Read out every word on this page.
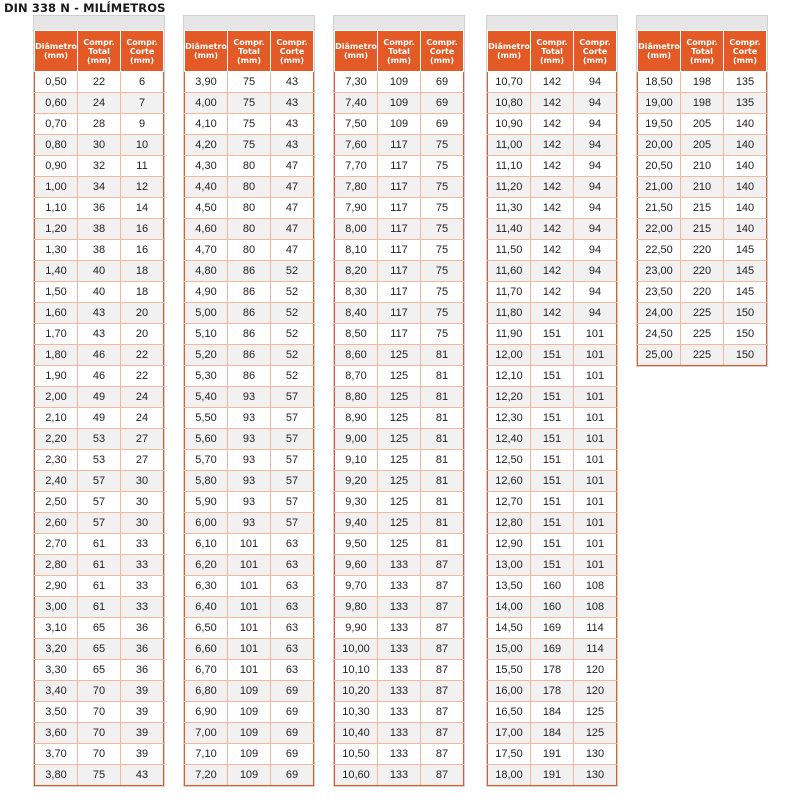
DIN 338 N - MILÍMETROS
Diâmetro
(mm)	Compr.
Total
(mm)	Compr.
Corte
(mm)

0,50	22	6
0,60	24	7
0,70	28	9
0,80	30	10
0,90	32	11
1,00	34	12
1,10	36	14
1,20	38	16
1,30	38	16
1,40	40	18
1,50	40	18
1,60	43	20
1,70	43	20
1,80	46	22
1,90	46	22
2,00	49	24
2,10	49	24
2,20	53	27
2,30	53	27
2,40	57	30
2,50	57	30
2,60	57	30
2,70	61	33
2,80	61	33
2,90	61	33
3,00	61	33
3,10	65	36
3,20	65	36
3,30	65	36
3,40	70	39
3,50	70	39
3,60	70	39
3,70	70	39
3,80	75	43
Diâmetro
(mm)	Compr.
Total
(mm)	Compr.
Corte
(mm)

3,90	75	43
4,00	75	43
4,10	75	43
4,20	75	43
4,30	80	47
4,40	80	47
4,50	80	47
4,60	80	47
4,70	80	47
4,80	86	52
4,90	86	52
5,00	86	52
5,10	86	52
5,20	86	52
5,30	86	52
5,40	93	57
5,50	93	57
5,60	93	57
5,70	93	57
5,80	93	57
5,90	93	57
6,00	93	57
6,10	101	63
6,20	101	63
6,30	101	63
6,40	101	63
6,50	101	63
6,60	101	63
6,70	101	63
6,80	109	69
6,90	109	69
7,00	109	69
7,10	109	69
7,20	109	69
Diâmetro
(mm)	Compr.
Total
(mm)	Compr.
Corte
(mm)

7,30	109	69
7,40	109	69
7,50	109	69
7,60	117	75
7,70	117	75
7,80	117	75
7,90	117	75
8,00	117	75
8,10	117	75
8,20	117	75
8,30	117	75
8,40	117	75
8,50	117	75
8,60	125	81
8,70	125	81
8,80	125	81
8,90	125	81
9,00	125	81
9,10	125	81
9,20	125	81
9,30	125	81
9,40	125	81
9,50	125	81
9,60	133	87
9,70	133	87
9,80	133	87
9,90	133	87
10,00	133	87
10,10	133	87
10,20	133	87
10,30	133	87
10,40	133	87
10,50	133	87
10,60	133	87
Diâmetro
(mm)	Compr.
Total
(mm)	Compr.
Corte
(mm)

10,70	142	94
10,80	142	94
10,90	142	94
11,00	142	94
11,10	142	94
11,20	142	94
11,30	142	94
11,40	142	94
11,50	142	94
11,60	142	94
11,70	142	94
11,80	142	94
11,90	151	101
12,00	151	101
12,10	151	101
12,20	151	101
12,30	151	101
12,40	151	101
12,50	151	101
12,60	151	101
12,70	151	101
12,80	151	101
12,90	151	101
13,00	151	101
13,50	160	108
14,00	160	108
14,50	169	114
15,00	169	114
15,50	178	120
16,00	178	120
16,50	184	125
17,00	184	125
17,50	191	130
18,00	191	130
Diâmetro
(mm)	Compr.
Total
(mm)	Compr.
Corte
(mm)

18,50	198	135
19,00	198	135
19,50	205	140
20,00	205	140
20,50	210	140
21,00	210	140
21,50	215	140
22,00	215	140
22,50	220	145
23,00	220	145
23,50	220	145
24,00	225	150
24,50	225	150
25,00	225	150
